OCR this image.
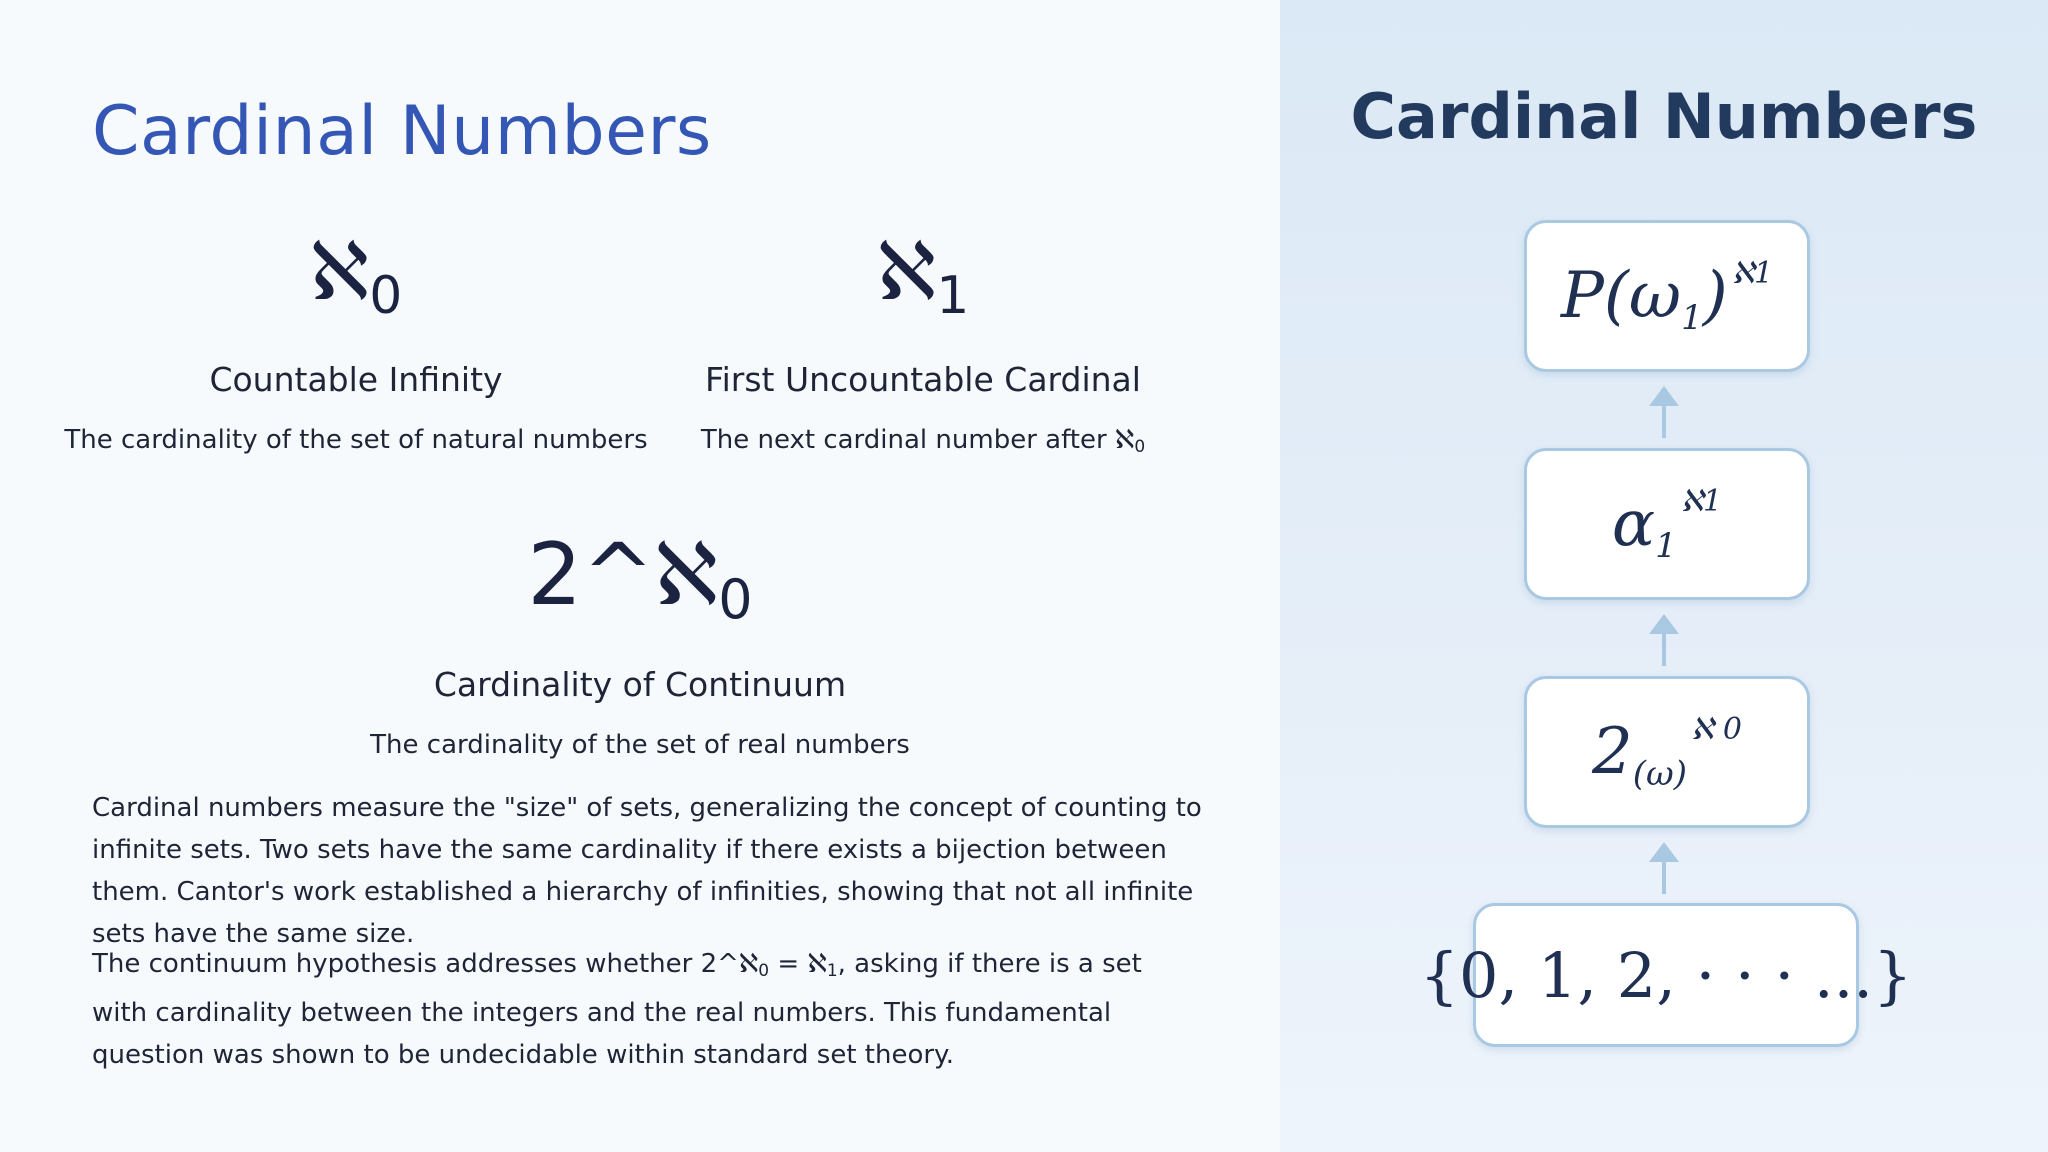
Cardinal Numbers
ℵ$_0$
Countable Infinity
The cardinality of the set of natural numbers
ℵ$_1$
First Uncountable Cardinal
The next cardinal number after ℵ$_0$
2^ℵ$_0$
Cardinality of Continuum
The cardinality of the set of real numbers
Cardinal numbers measure the "size" of sets, generalizing the concept of counting to infinite sets. Two sets have the same cardinality if there exists a bijection between them. Cantor's work established a hierarchy of infinities, showing that not all infinite sets have the same size.
The continuum hypothesis addresses whether 2^ℵ$_0$ = ℵ$_1$, asking if there is a set with cardinality between the integers and the real numbers. This fundamental question was shown to be undecidable within standard set theory.
Cardinal Numbers
P(ω1) $^{ℵ1}$
$\alpha 1^{ℵ1}$
$2(\omega)^{ℵ 0}$
{0, 1, 2, · · · ...}
